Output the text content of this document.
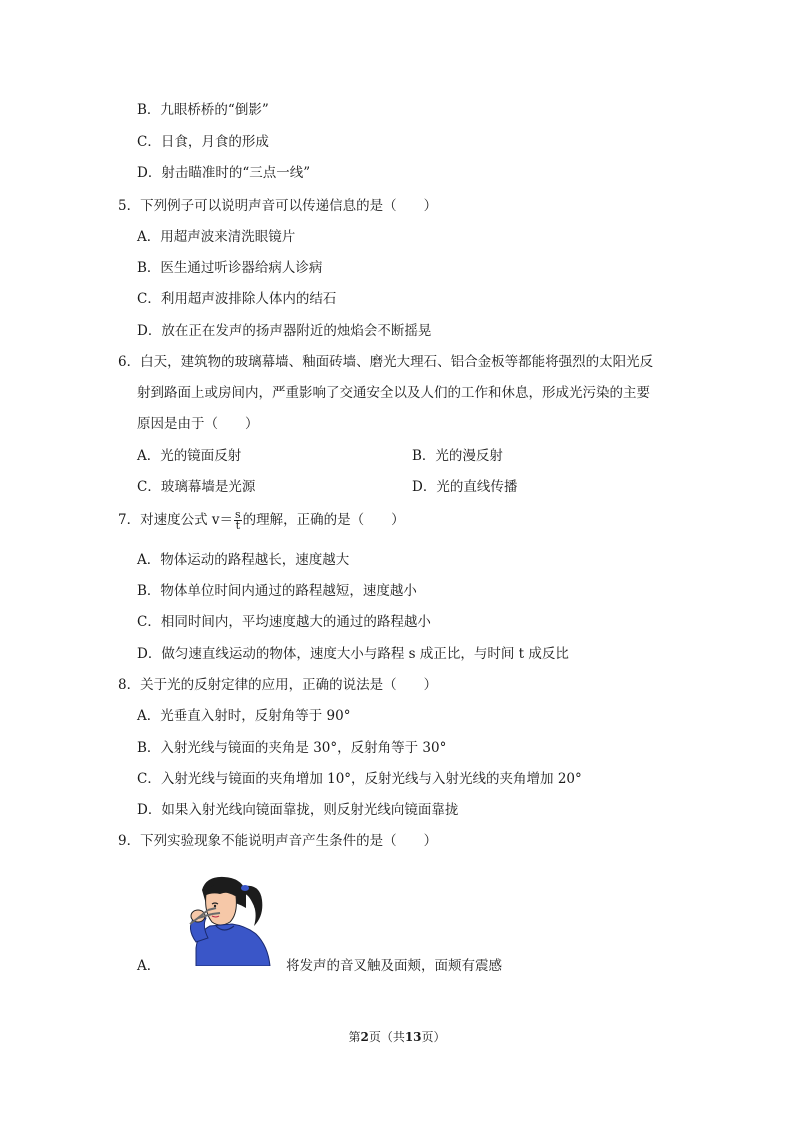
B．九眼桥桥的“倒影”
C．日食，月食的形成
D．射击瞄准时的“三点一线”
5．下列例子可以说明声音可以传递信息的是（　　）
A．用超声波来清洗眼镜片
B．医生通过听诊器给病人诊病
C．利用超声波排除人体内的结石
D．放在正在发声的扬声器附近的烛焰会不断摇晃
6．白天，建筑物的玻璃幕墙、釉面砖墙、磨光大理石、铝合金板等都能将强烈的太阳光反
射到路面上或房间内，严重影响了交通安全以及人们的工作和休息，形成光污染的主要
原因是由于（　　）
A．光的镜面反射	B．光的漫反射
C．玻璃幕墙是光源	D．光的直线传播
7．对速度公式 $v= \frac{s}{t}$ 的理解，正确的是（　　）
A．物体运动的路程越长，速度越大
B．物体单位时间内通过的路程越短，速度越小
C．相同时间内，平均速度越大的通过的路程越小
D．做匀速直线运动的物体，速度大小与路程 s 成正比，与时间 t 成反比
8．关于光的反射定律的应用，正确的说法是（　　）
A．光垂直入射时，反射角等于 90°
B．入射光线与镜面的夹角是 30°，反射角等于 30°
C．入射光线与镜面的夹角增加 10°，反射光线与入射光线的夹角增加 20°
D．如果入射光线向镜面靠拢，则反射光线向镜面靠拢
9．下列实验现象不能说明声音产生条件的是（　　）
A．	将发声的音叉触及面颊，面颊有震感
第2页（共13页）
